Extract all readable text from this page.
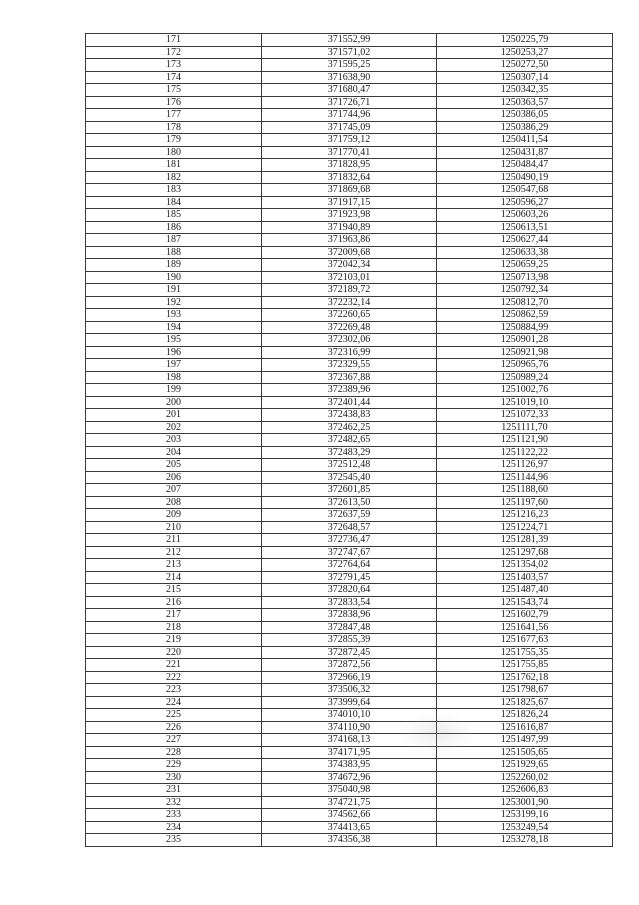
171	371552,99	1250225,79
172	371571,02	1250253,27
173	371595,25	1250272,50
174	371638,90	1250307,14
175	371680,47	1250342,35
176	371726,71	1250363,57
177	371744,96	1250386,05
178	371745,09	1250386,29
179	371759,12	1250411,54
180	371770,41	1250431,87
181	371828,95	1250484,47
182	371832,64	1250490,19
183	371869,68	1250547,68
184	371917,15	1250596,27
185	371923,98	1250603,26
186	371940,89	1250613,51
187	371963,86	1250627,44
188	372009,68	1250633,38
189	372042,34	1250659,25
190	372103,01	1250713,98
191	372189,72	1250792,34
192	372232,14	1250812,70
193	372260,65	1250862,59
194	372269,48	1250884,99
195	372302,06	1250901,28
196	372316,99	1250921,98
197	372329,55	1250965,76
198	372367,88	1250989,24
199	372389,96	1251002,76
200	372401,44	1251019,10
201	372438,83	1251072,33
202	372462,25	1251111,70
203	372482,65	1251121,90
204	372483,29	1251122,22
205	372512,48	1251126,97
206	372545,40	1251144,96
207	372601,85	1251188,60
208	372613,50	1251197,60
209	372637,59	1251216,23
210	372648,57	1251224,71
211	372736,47	1251281,39
212	372747,67	1251297,68
213	372764,64	1251354,02
214	372791,45	1251403,57
215	372820,64	1251487,40
216	372833,54	1251543,74
217	372838,96	1251602,79
218	372847,48	1251641,56
219	372855,39	1251677,63
220	372872,45	1251755,35
221	372872,56	1251755,85
222	372966,19	1251762,18
223	373506,32	1251798,67
224	373999,64	1251825,67
225	374010,10	1251826,24
226	374110,90	1251616,87
227	374168,13	1251497,99
228	374171,95	1251505,65
229	374383,95	1251929,65
230	374672,96	1252260,02
231	375040,98	1252606,83
232	374721,75	1253001,90
233	374562,66	1253199,16
234	374413,65	1253249,54
235	374356,38	1253278,18
